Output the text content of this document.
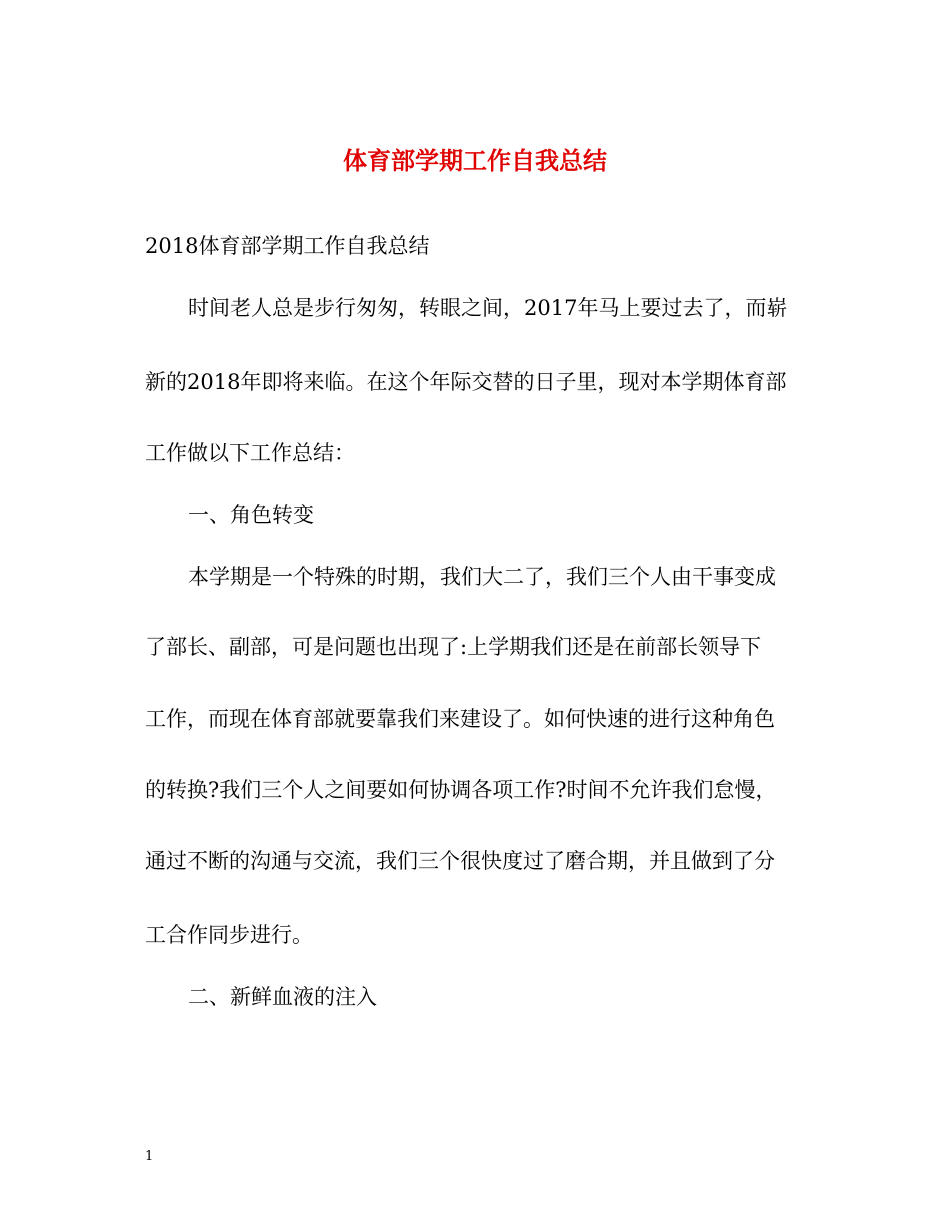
体育部学期工作自我总结

2018体育部学期工作自我总结

时间老人总是步行匆匆，转眼之间，2017年马上要过去了，而崭

新的2018年即将来临。在这个年际交替的日子里，现对本学期体育部

工作做以下工作总结：

一、角色转变

本学期是一个特殊的时期，我们大二了，我们三个人由干事变成

了部长、副部，可是问题也出现了:上学期我们还是在前部长领导下

工作，而现在体育部就要靠我们来建设了。如何快速的进行这种角色

的转换?我们三个人之间要如何协调各项工作?时间不允许我们怠慢，

通过不断的沟通与交流，我们三个很快度过了磨合期，并且做到了分

工合作同步进行。

二、新鲜血液的注入

1
